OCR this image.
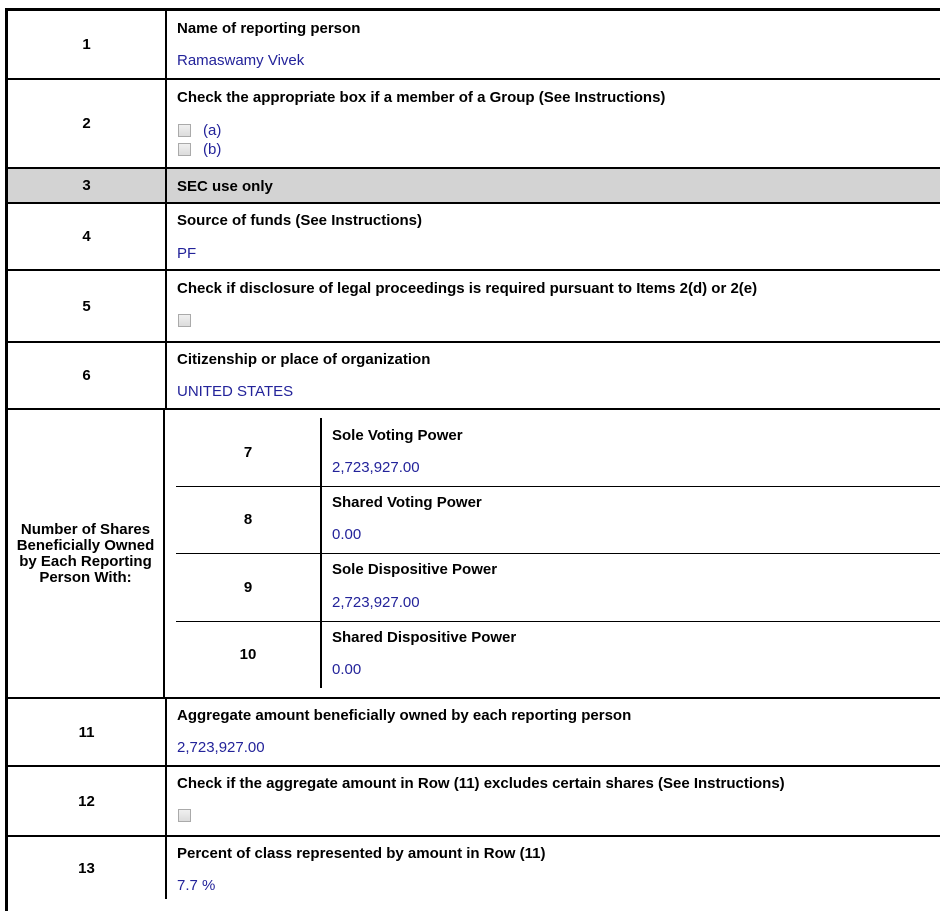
1
Name of reporting person
Ramaswamy Vivek
2
Check the appropriate box if a member of a Group (See Instructions)
(a)
(b)
3	SEC use only
4
Source of funds (See Instructions)
PF
5
Check if disclosure of legal proceedings is required pursuant to Items 2(d) or 2(e)
6
Citizenship or place of organization
UNITED STATES
Number of Shares Beneficially Owned by Each Reporting Person With:
7
Sole Voting Power
2,723,927.00
8
Shared Voting Power
0.00
9
Sole Dispositive Power
2,723,927.00
10
Shared Dispositive Power
0.00
11
Aggregate amount beneficially owned by each reporting person
2,723,927.00
12
Check if the aggregate amount in Row (11) excludes certain shares (See Instructions)
13
Percent of class represented by amount in Row (11)
7.7 %
